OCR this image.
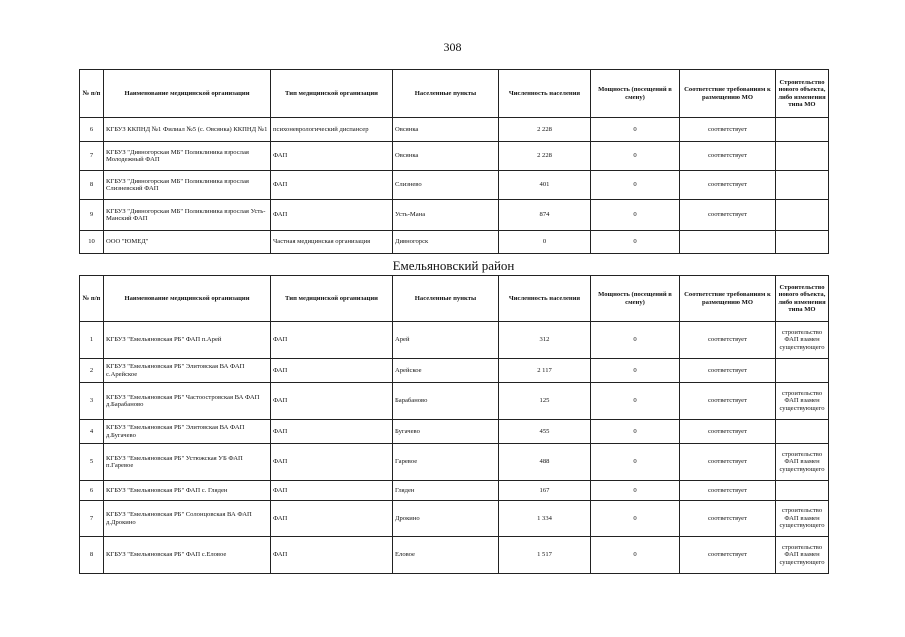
308
№ п/п	Наименование медицинской организации	Тип медицинской организации	Населенные пункты	Численность населения	Мощность (посещений в смену)	Соответствие требованиям к размещению МО	Строительство нового объекта, либо изменения типа МО
6	КГБУЗ ККПНД №1 Филиал №5 (с. Овсянка) ККПНД №1	психоневрологический диспансер	Овсянка	2 228	0	соответствует	
7	КГБУЗ "Дивногорская МБ" Поликлиника взрослая Молодежный ФАП	ФАП	Овсянка	2 228	0	соответствует	
8	КГБУЗ "Дивногорская МБ" Поликлиника взрослая Слизневский ФАП	ФАП	Слизнево	401	0	соответствует	
9	КГБУЗ "Дивногорская МБ" Поликлиника взрослая Усть-Манский ФАП	ФАП	Усть-Мана	874	0	соответствует	
10	ООО "ЮМЕД"	Частная медицинская организация	Дивногорск	0	0		
Емельяновский район
№ п/п	Наименование медицинской организации	Тип медицинской организации	Населенные пункты	Численность населения	Мощность (посещений в смену)	Соответствие требованиям к размещению МО	Строительство нового объекта, либо изменения типа МО
1	КГБУЗ "Емельяновская РБ" ФАП п.Арей	ФАП	Арей	312	0	соответствует	строительство ФАП взамен существующего
2	КГБУЗ "Емельяновская РБ" Элитовская ВА ФАП с.Арейское	ФАП	Арейское	2 117	0	соответствует	
3	КГБУЗ "Емельяновская РБ" Частоостровская ВА ФАП д.Барабаново	ФАП	Барабаново	125	0	соответствует	строительство ФАП взамен существующего
4	КГБУЗ "Емельяновская РБ" Элитовская ВА ФАП д.Бугачево	ФАП	Бугачево	455	0	соответствует	
5	КГБУЗ "Емельяновская РБ" Устюжская УБ ФАП п.Гаревое	ФАП	Гаревое	488	0	соответствует	строительство ФАП взамен существующего
6	КГБУЗ "Емельяновская РБ" ФАП с. Гляден	ФАП	Гляден	167	0	соответствует	
7	КГБУЗ "Емельяновская РБ" Солонцовская ВА ФАП д.Дрокино	ФАП	Дрокино	1 334	0	соответствует	строительство ФАП взамен существующего
8	КГБУЗ "Емельяновская РБ" ФАП с.Еловое	ФАП	Еловое	1 517	0	соответствует	строительство ФАП взамен существующего
